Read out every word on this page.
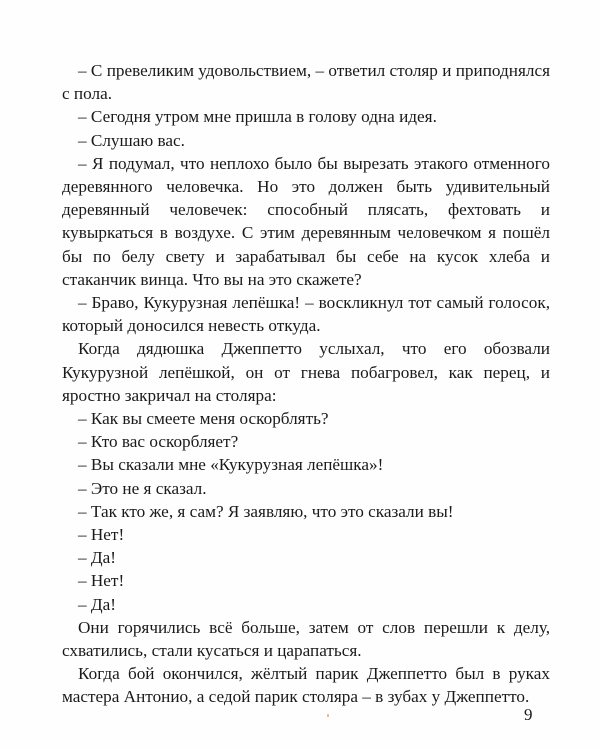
– С превеликим удовольствием, – ответил столяр и приподнялся с пола.

– Сегодня утром мне пришла в голову одна идея.

– Слушаю вас.

– Я подумал, что неплохо было бы вырезать этакого отменного деревянного человечка. Но это должен быть удивительный деревянный человечек: способный плясать, фехтовать и кувыркаться в воздухе. С этим деревянным человечком я пошёл бы по белу свету и зарабатывал бы себе на кусок хлеба и стаканчик винца. Что вы на это скажете?

– Браво, Кукурузная лепёшка! – воскликнул тот самый голосок, который доносился невесть откуда.

Когда дядюшка Джеппетто услыхал, что его обозвали Кукурузной лепёшкой, он от гнева побагровел, как перец, и яростно закричал на столяра:

– Как вы смеете меня оскорблять?

– Кто вас оскорбляет?

– Вы сказали мне «Кукурузная лепёшка»!

– Это не я сказал.

– Так кто же, я сам? Я заявляю, что это сказали вы!

– Нет!

– Да!

– Нет!

– Да!

Они горячились всё больше, затем от слов перешли к делу, схватились, стали кусаться и царапаться.

Когда бой окончился, жёлтый парик Джеппетто был в руках мастера Антонио, а седой парик столяра – в зубах у Джеппетто.

9
